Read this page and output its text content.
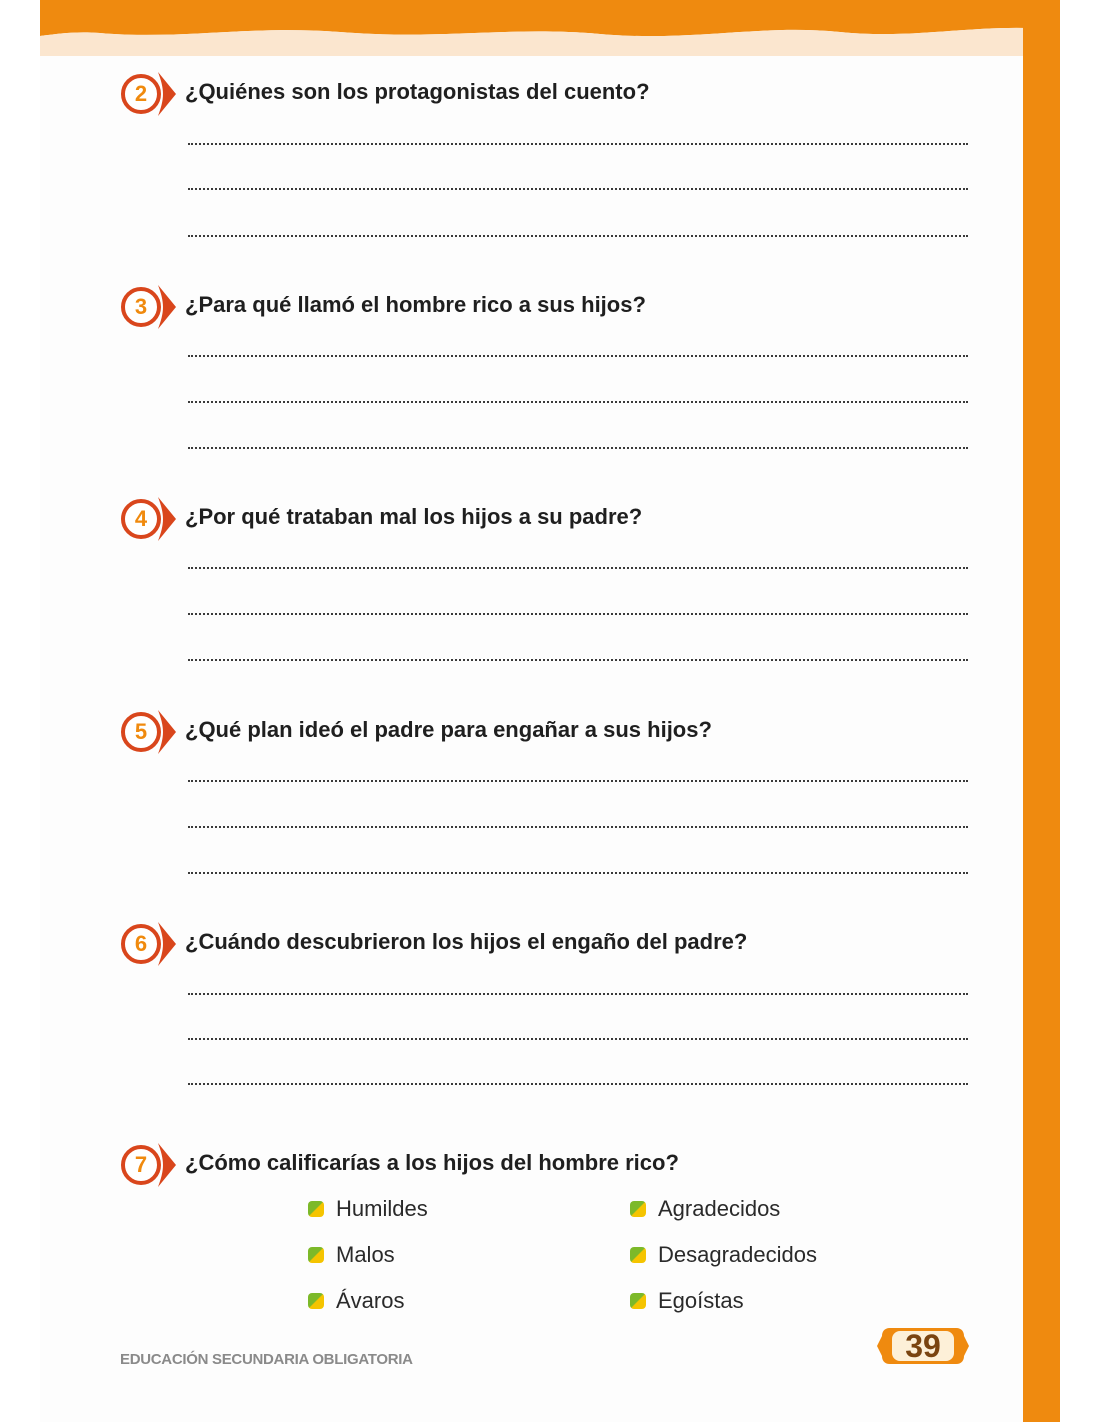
2	¿Quiénes son los protagonistas del cuento?
3	¿Para qué llamó el hombre rico a sus hijos?
4	¿Por qué trataban mal los hijos a su padre?
5	¿Qué plan ideó el padre para engañar a sus hijos?
6	¿Cuándo descubrieron los hijos el engaño del padre?
7	¿Cómo calificarías a los hijos del hombre rico?
Humildes
Malos
Ávaros
Agradecidos
Desagradecidos
Egoístas
EDUCACIÓN SECUNDARIA OBLIGATORIA	39
